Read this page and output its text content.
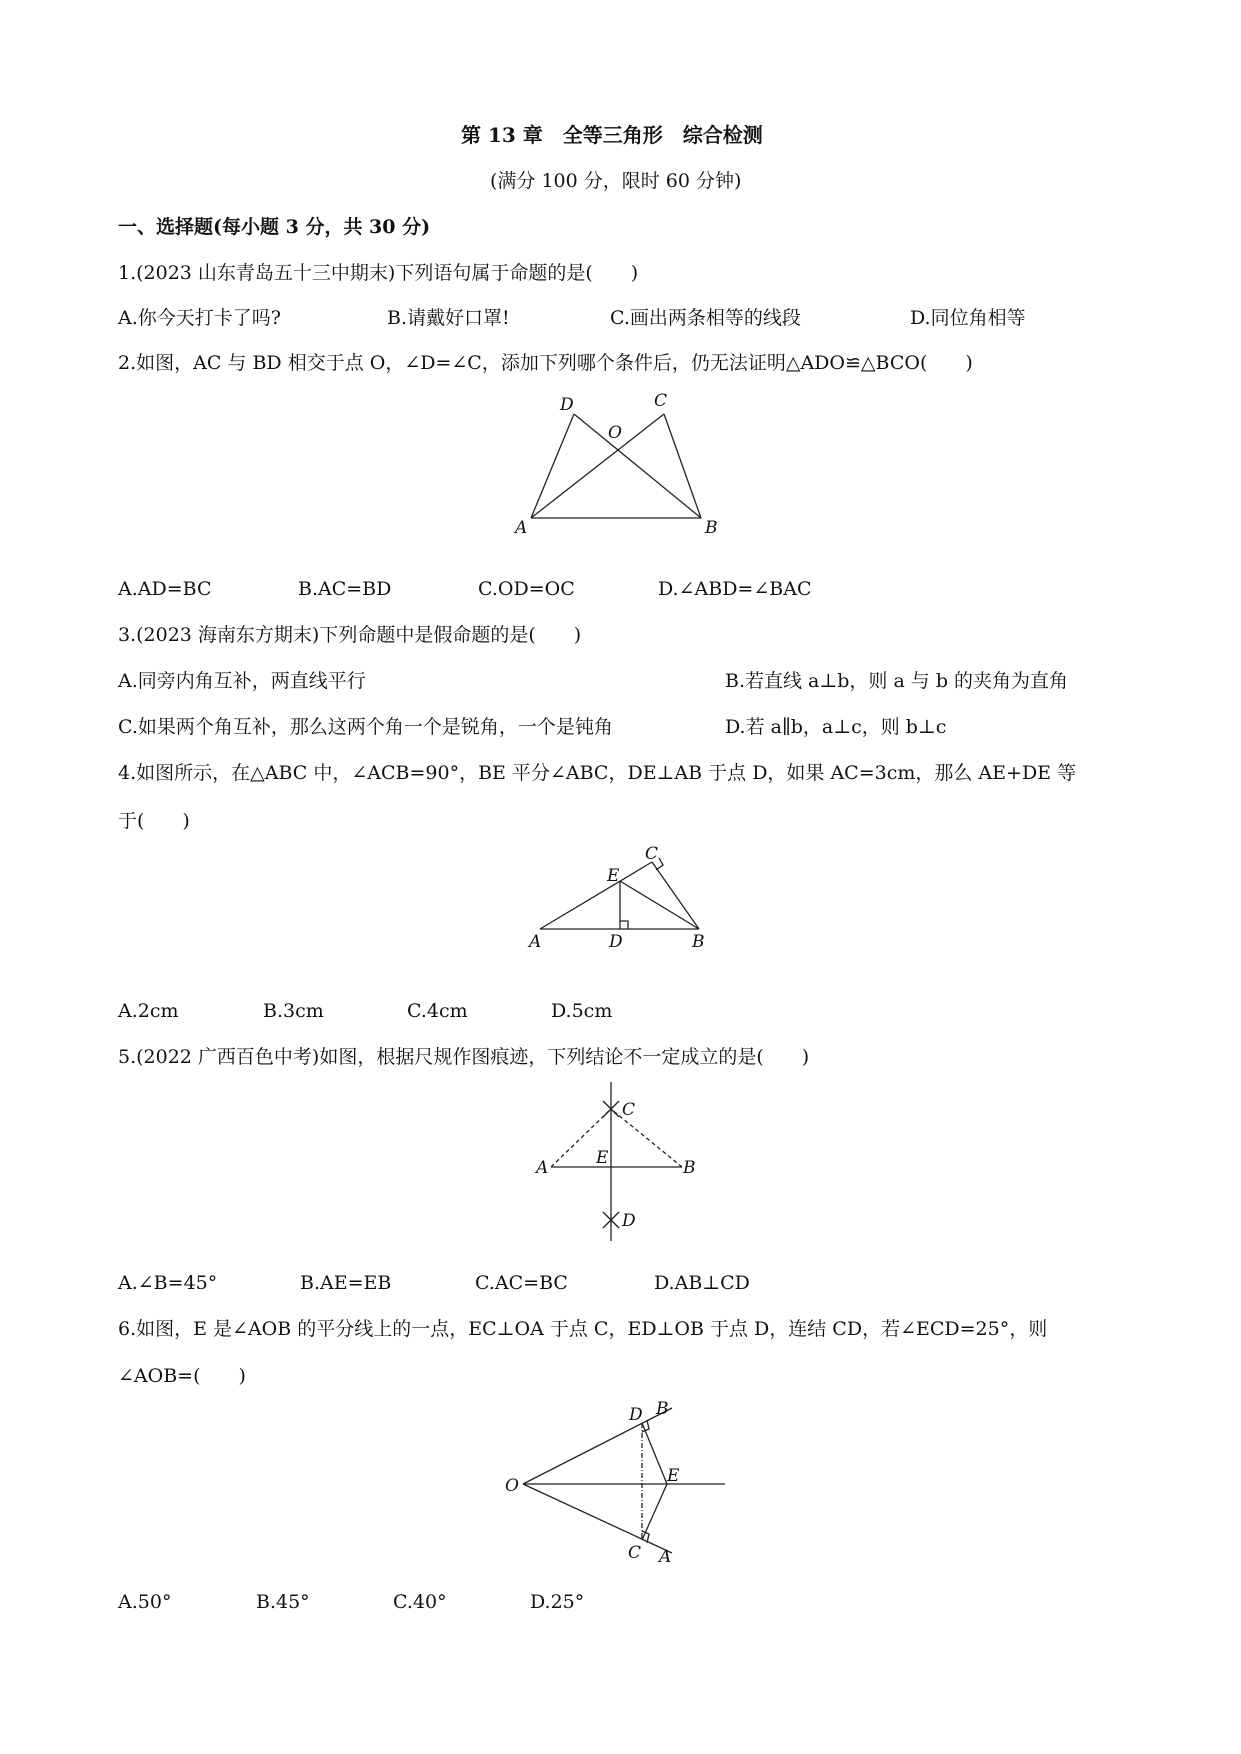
第 13 章　全等三角形　综合检测
(满分 100 分，限时 60 分钟)
一、选择题(每小题 3 分，共 30 分)
1.(2023 山东青岛五十三中期末)下列语句属于命题的是(　　)
A.你今天打卡了吗?	B.请戴好口罩!	C.画出两条相等的线段	D.同位角相等
2.如图，AC 与 BD 相交于点 O，∠D=∠C，添加下列哪个条件后，仍无法证明△ADO≌△BCO(　　)
D	C
O
A	B
A.AD=BC	B.AC=BD	C.OD=OC	D.∠ABD=∠BAC
3.(2023 海南东方期末)下列命题中是假命题的是(　　)
A.同旁内角互补，两直线平行	B.若直线 a⊥b，则 a 与 b 的夹角为直角
C.如果两个角互补，那么这两个角一个是锐角，一个是钝角	D.若 a∥b，a⊥c，则 b⊥c
4.如图所示，在△ABC 中，∠ACB=90°，BE 平分∠ABC，DE⊥AB 于点 D，如果 AC=3cm，那么 AE+DE 等
于(　　)
C
E
A	D	B
A.2cm	B.3cm	C.4cm	D.5cm
5.(2022 广西百色中考)如图，根据尺规作图痕迹，下列结论不一定成立的是(　　)
C
A	E	B
D
A.∠B=45°	B.AE=EB	C.AC=BC	D.AB⊥CD
6.如图，E 是∠AOB 的平分线上的一点，EC⊥OA 于点 C，ED⊥OB 于点 D，连结 CD，若∠ECD=25°，则
∠AOB=(　　)
D B
O	E
C A
A.50°	B.45°	C.40°	D.25°
